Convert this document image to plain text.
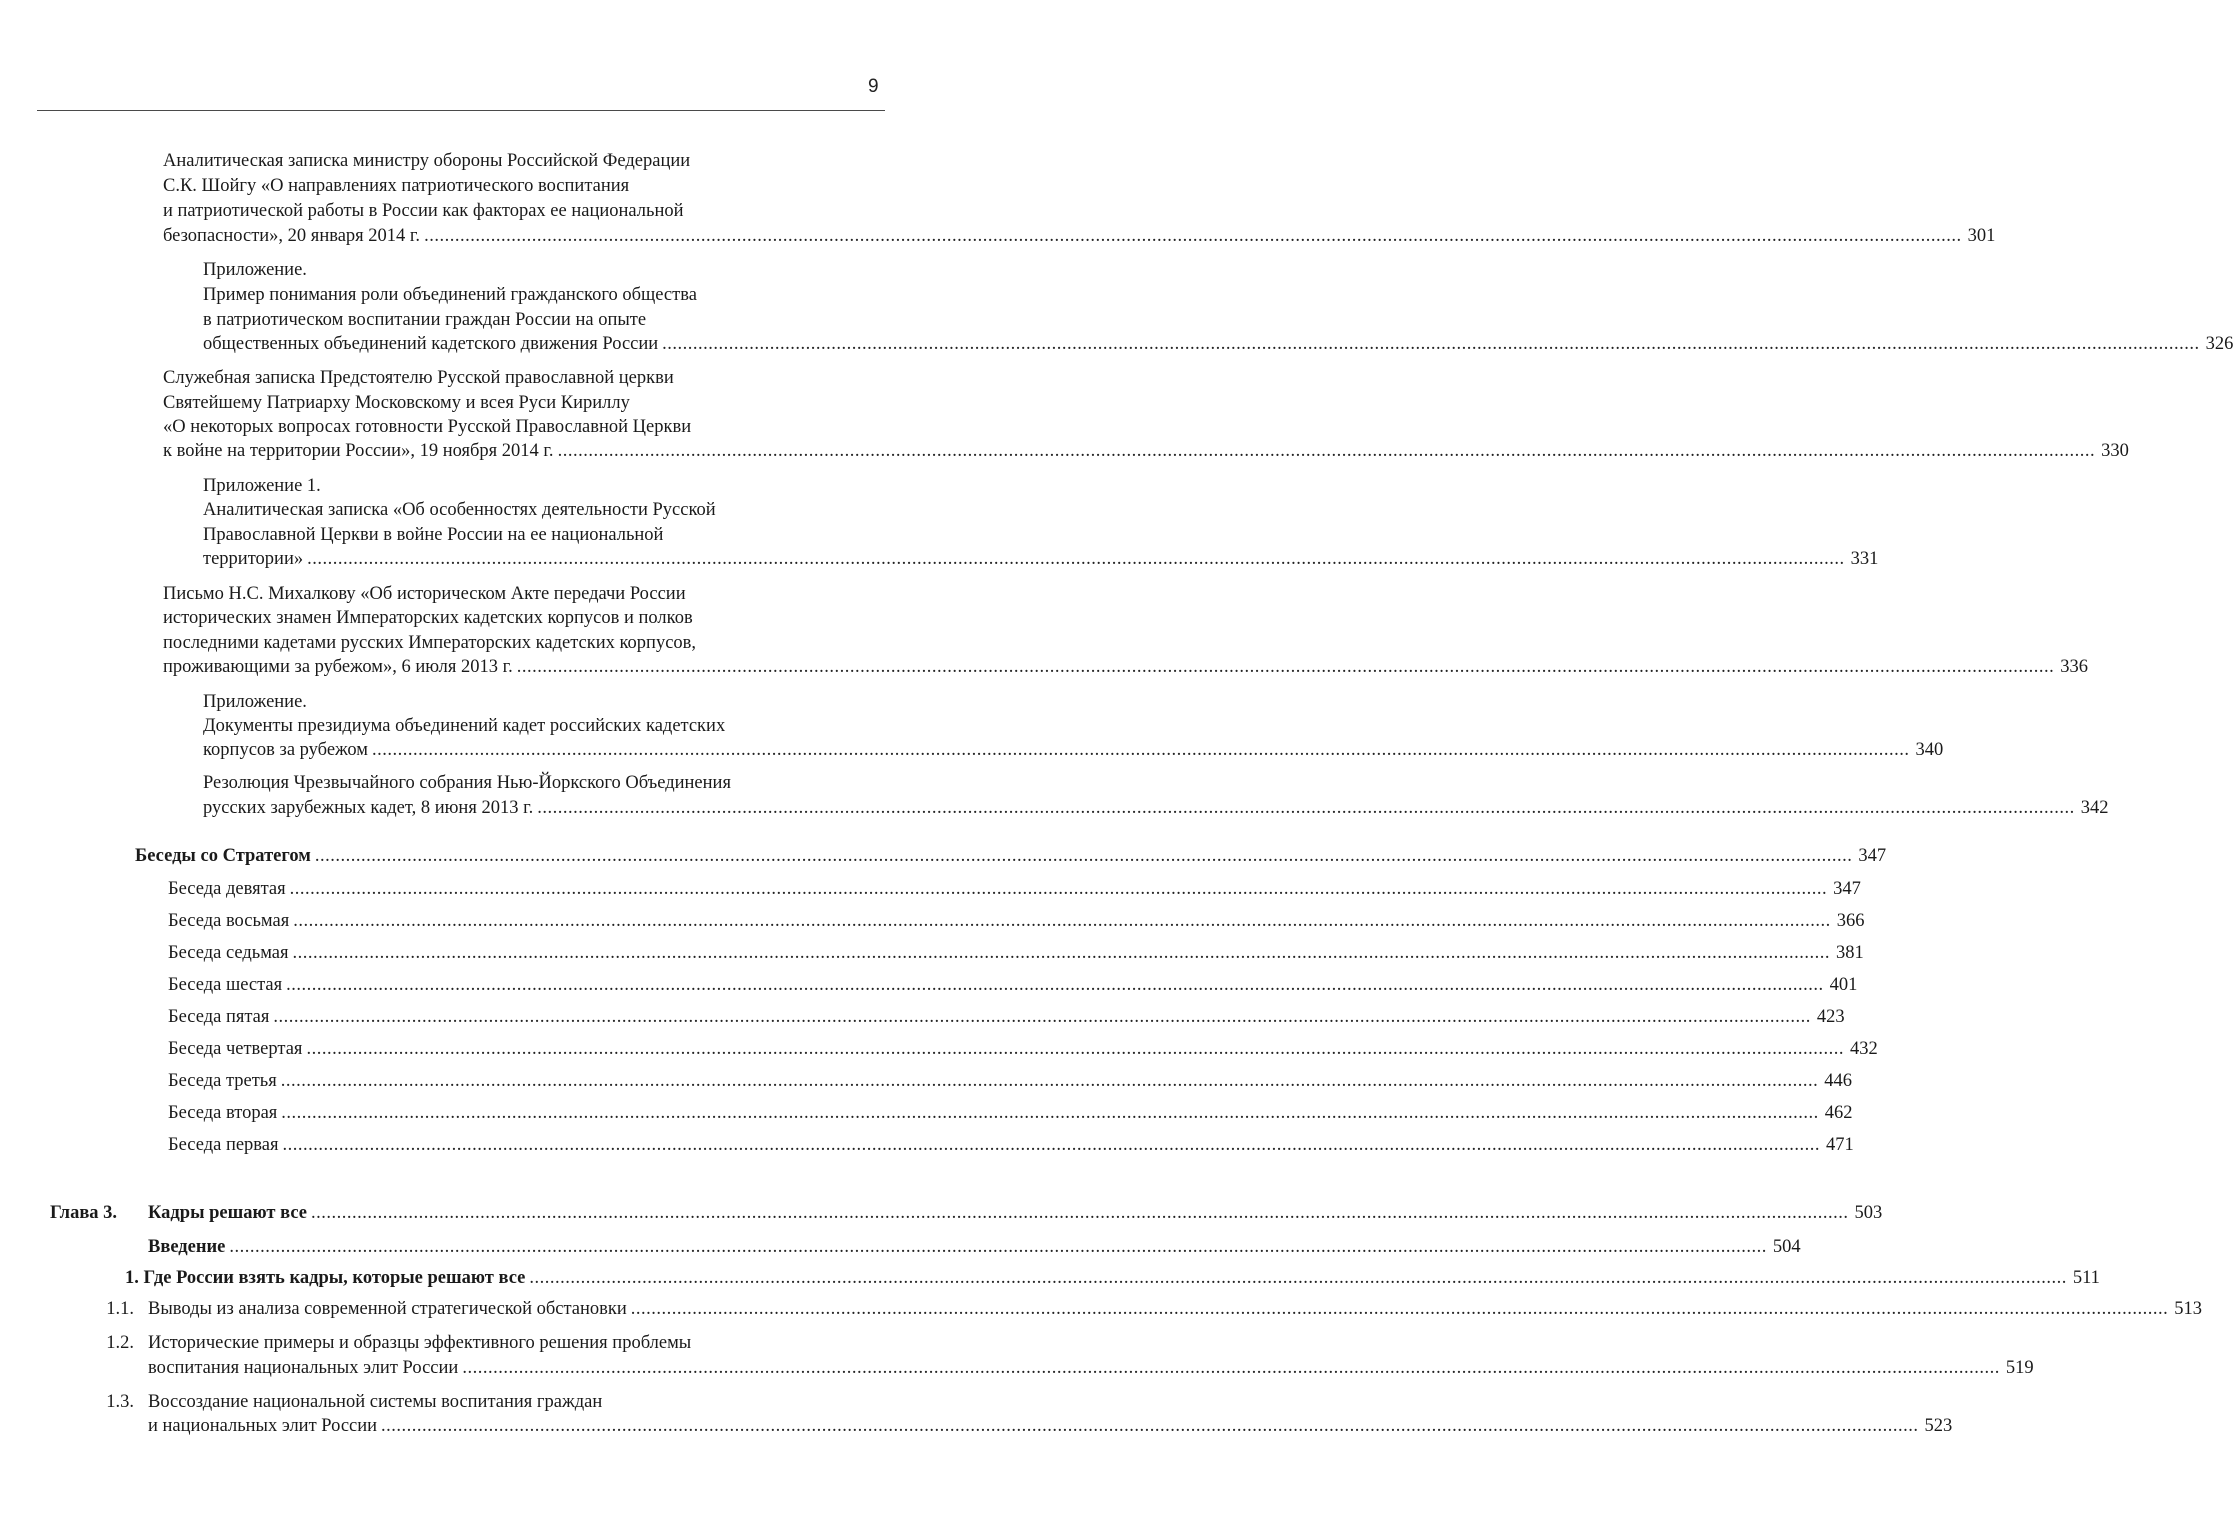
9
Аналитическая записка министру обороны Российской Федерации
С.К. Шойгу «О направлениях патриотического воспитания
и патриотической работы в России как факторах ее национальной
безопасности», 20 января 2014 г. ............................................................................................................................................................................................................................................................................................................ 301
Приложение.
Пример понимания роли объединений гражданского общества
в патриотическом воспитании граждан России на опыте
общественных объединений кадетского движения России ............................................................................................................................................................................................................................................................................................................ 326
Служебная записка Предстоятелю Русской православной церкви
Святейшему Патриарху Московскому и всея Руси Кириллу
«О некоторых вопросах готовности Русской Православной Церкви
к войне на территории России», 19 ноября 2014 г. ............................................................................................................................................................................................................................................................................................................ 330
Приложение 1.
Аналитическая записка «Об особенностях деятельности Русской
Православной Церкви в войне России на ее национальной
территории» ............................................................................................................................................................................................................................................................................................................ 331
Письмо Н.С. Михалкову «Об историческом Акте передачи России
исторических знамен Императорских кадетских корпусов и полков
последними кадетами русских Императорских кадетских корпусов,
проживающими за рубежом», 6 июля 2013 г. ............................................................................................................................................................................................................................................................................................................ 336
Приложение.
Документы президиума объединений кадет российских кадетских
корпусов за рубежом ............................................................................................................................................................................................................................................................................................................ 340
Резолюция Чрезвычайного собрания Нью-Йоркского Объединения
русских зарубежных кадет, 8 июня 2013 г. ............................................................................................................................................................................................................................................................................................................ 342
Беседы со Стратегом ............................................................................................................................................................................................................................................................................................................ 347
Беседа девятая ............................................................................................................................................................................................................................................................................................................ 347
Беседа восьмая ............................................................................................................................................................................................................................................................................................................ 366
Беседа седьмая ............................................................................................................................................................................................................................................................................................................ 381
Беседа шестая ............................................................................................................................................................................................................................................................................................................ 401
Беседа пятая ............................................................................................................................................................................................................................................................................................................ 423
Беседа четвертая ............................................................................................................................................................................................................................................................................................................ 432
Беседа третья ............................................................................................................................................................................................................................................................................................................ 446
Беседа вторая ............................................................................................................................................................................................................................................................................................................ 462
Беседа первая ............................................................................................................................................................................................................................................................................................................ 471
Глава 3. Кадры решают все ............................................................................................................................................................................................................................................................................................................ 503
Введение ............................................................................................................................................................................................................................................................................................................ 504
1. Где России взять кадры, которые решают все ............................................................................................................................................................................................................................................................................................................ 511
1.1. Выводы из анализа современной стратегической обстановки ............................................................................................................................................................................................................................................................................................................ 513
1.2. Исторические примеры и образцы эффективного решения проблемы
воспитания национальных элит России ............................................................................................................................................................................................................................................................................................................ 519
1.3. Воссоздание национальной системы воспитания граждан
и национальных элит России ............................................................................................................................................................................................................................................................................................................ 523
